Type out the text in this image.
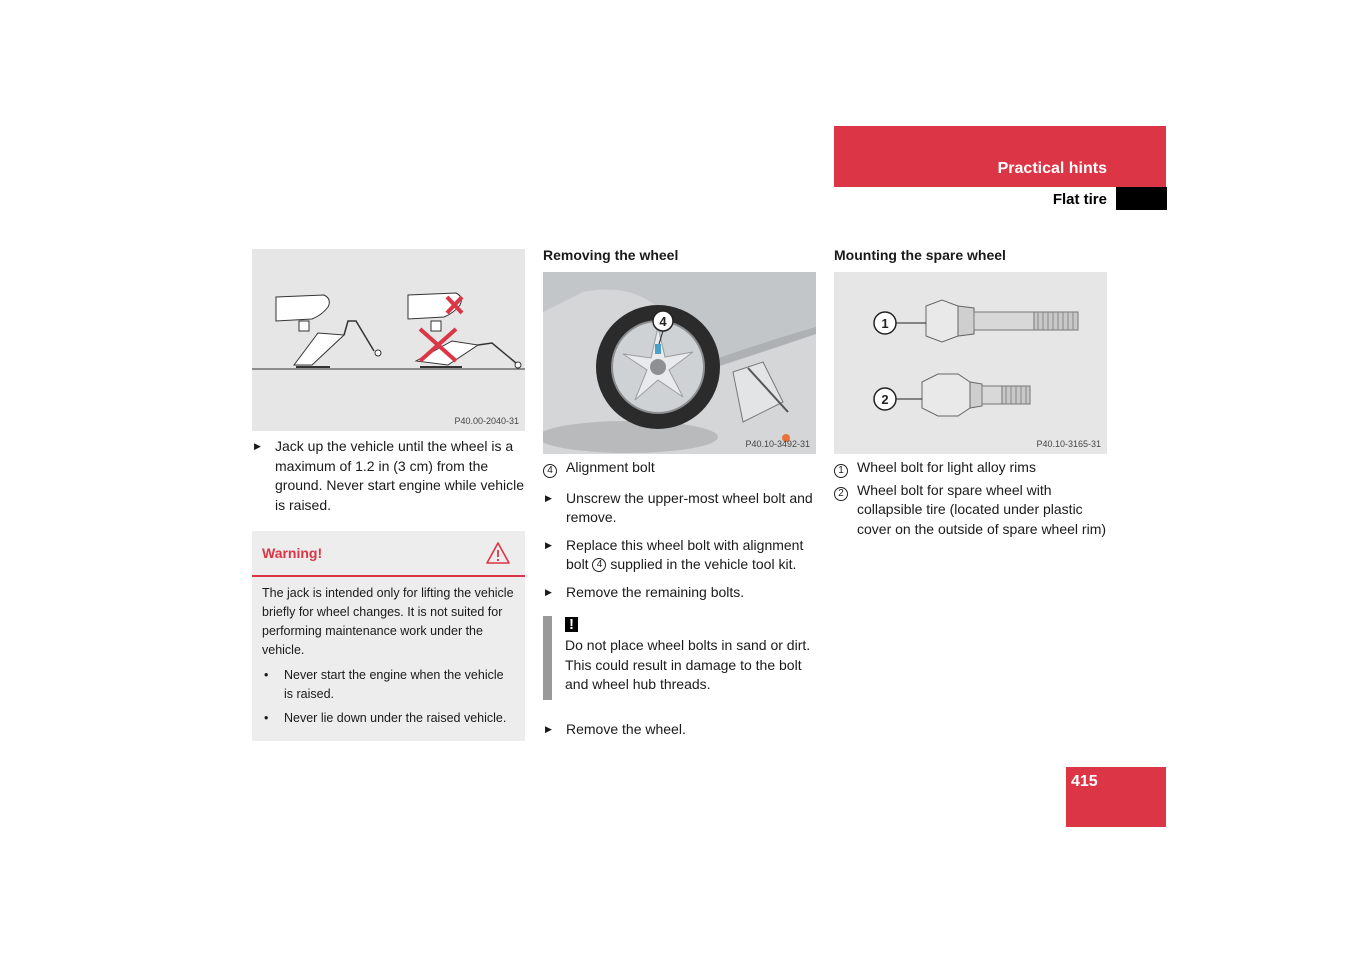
Practical hints
Flat tire
P40.00-2040-31
▶	Jack up the vehicle until the wheel is a maximum of 1.2 in (3 cm) from the ground. Never start engine while vehicle is raised.
Warning!

The jack is intended only for lifting the vehicle briefly for wheel changes. It is not suited for performing maintenance work under the vehicle.

•	Never start the engine when the vehicle is raised.
•	Never lie down under the raised vehicle.
Removing the wheel
4
P40.10-3492-31
4 Alignment bolt
▶	Unscrew the upper-most wheel bolt and remove.
▶	Replace this wheel bolt with alignment bolt 4 supplied in the vehicle tool kit.
▶	Remove the remaining bolts.
!
Do not place wheel bolts in sand or dirt. This could result in damage to the bolt and wheel hub threads.
▶	Remove the wheel.
Mounting the spare wheel
1
2
P40.10-3165-31
1 Wheel bolt for light alloy rims
2 Wheel bolt for spare wheel with collapsible tire (located under plastic cover on the outside of spare wheel rim)
415
